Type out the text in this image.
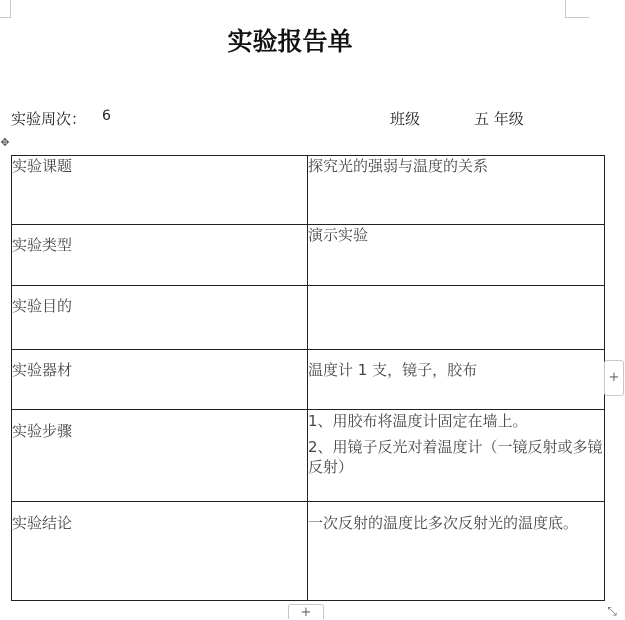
实验报告单
实验周次： 6	班级	五 年级
✥
实验课题	探究光的强弱与温度的关系

实验类型	演示实验

实验目的	
实验器材	温度计 1 支，镜子，胶布

实验步骤	1、用胶布将温度计固定在墙上。

2、用镜子反光对着温度计（一镜反射或多镜反射）

实验结论	一次反射的温度比多次反射光的温度底。

+
+	⤡
